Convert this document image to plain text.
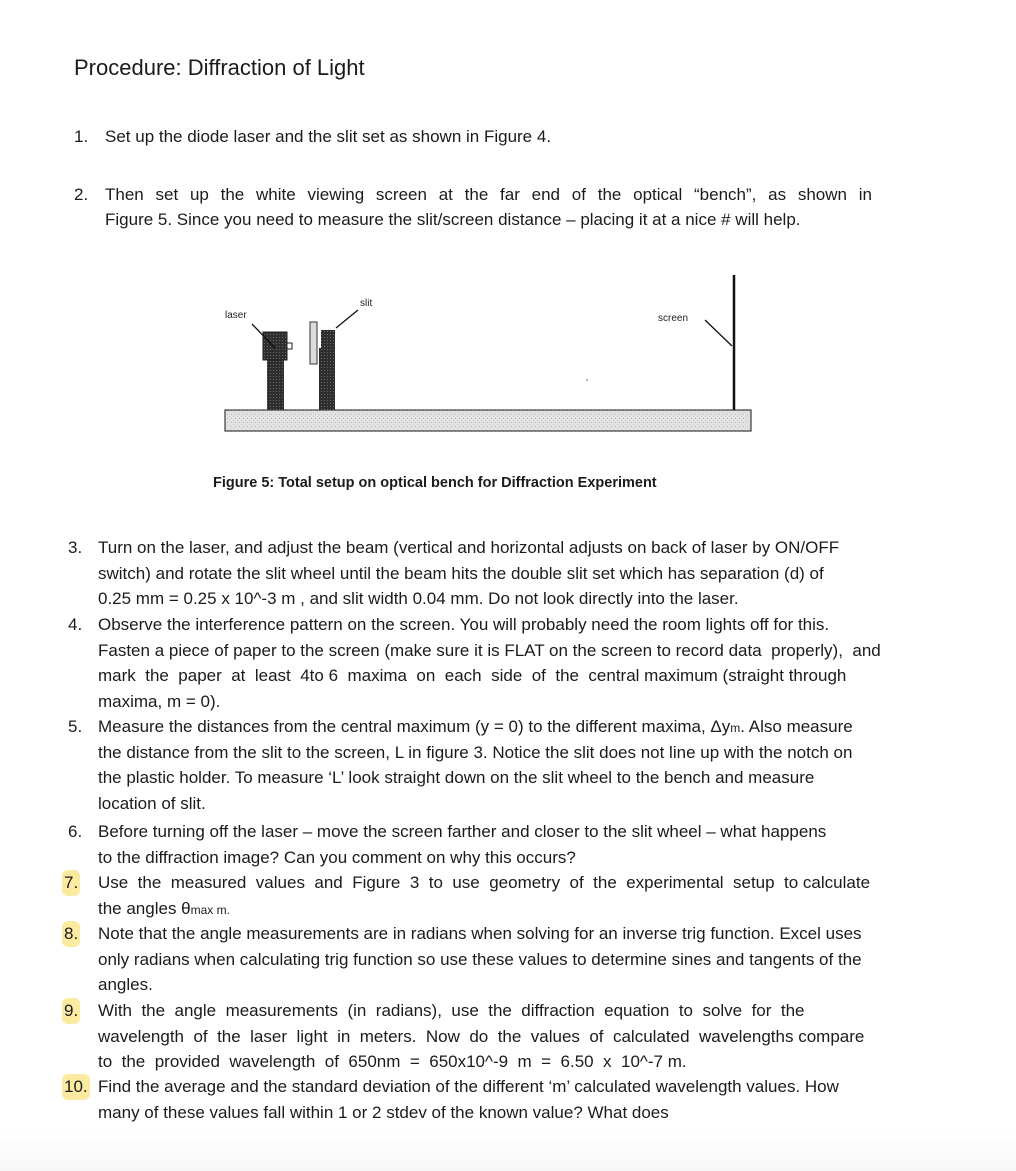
Procedure: Diffraction of Light
1. Set up the diode laser and the slit set as shown in Figure 4.
2. Then set up the white viewing screen at the far end of the optical “bench”, as shown in
Figure 5. Since you need to measure the slit/screen distance – placing it at a nice # will help.
laser
slit
screen
Figure 5: Total setup on optical bench for Diffraction Experiment
3. Turn on the laser, and adjust the beam (vertical and horizontal adjusts on back of laser by ON/OFF
switch) and rotate the slit wheel until the beam hits the double slit set which has separation (d) of
0.25 mm = 0.25 x 10^-3 m , and slit width 0.04 mm. Do not look directly into the laser.
4. Observe the interference pattern on the screen. You will probably need the room lights off for this.
Fasten a piece of paper to the screen (make sure it is FLAT on the screen to record data  properly),  and
mark  the  paper  at  least  4to 6  maxima  on  each  side  of  the  central maximum (straight through
maxima, m = 0).
5. Measure the distances from the central maximum (y = 0) to the different maxima, Δym. Also measure
the distance from the slit to the screen, L in figure 3. Notice the slit does not line up with the notch on
the plastic holder. To measure ‘L’ look straight down on the slit wheel to the bench and measure
location of slit.
6. Before turning off the laser – move the screen farther and closer to the slit wheel – what happens
to the diffraction image? Can you comment on why this occurs?
7. Use  the  measured  values  and  Figure  3  to  use  geometry  of  the  experimental  setup  to calculate
the angles θmax m.
8. Note that the angle measurements are in radians when solving for an inverse trig function. Excel uses
only radians when calculating trig function so use these values to determine sines and tangents of the
angles.
9. With  the  angle  measurements  (in  radians),  use  the  diffraction  equation  to  solve  for  the
wavelength  of  the  laser  light  in  meters.  Now  do  the  values  of  calculated  wavelengths compare
to  the  provided  wavelength  of  650nm  =  650x10^-9  m  =  6.50  x  10^-7 m.
10. Find the average and the standard deviation of the different ‘m’ calculated wavelength values. How
many of these values fall within 1 or 2 stdev of the known value? What does
